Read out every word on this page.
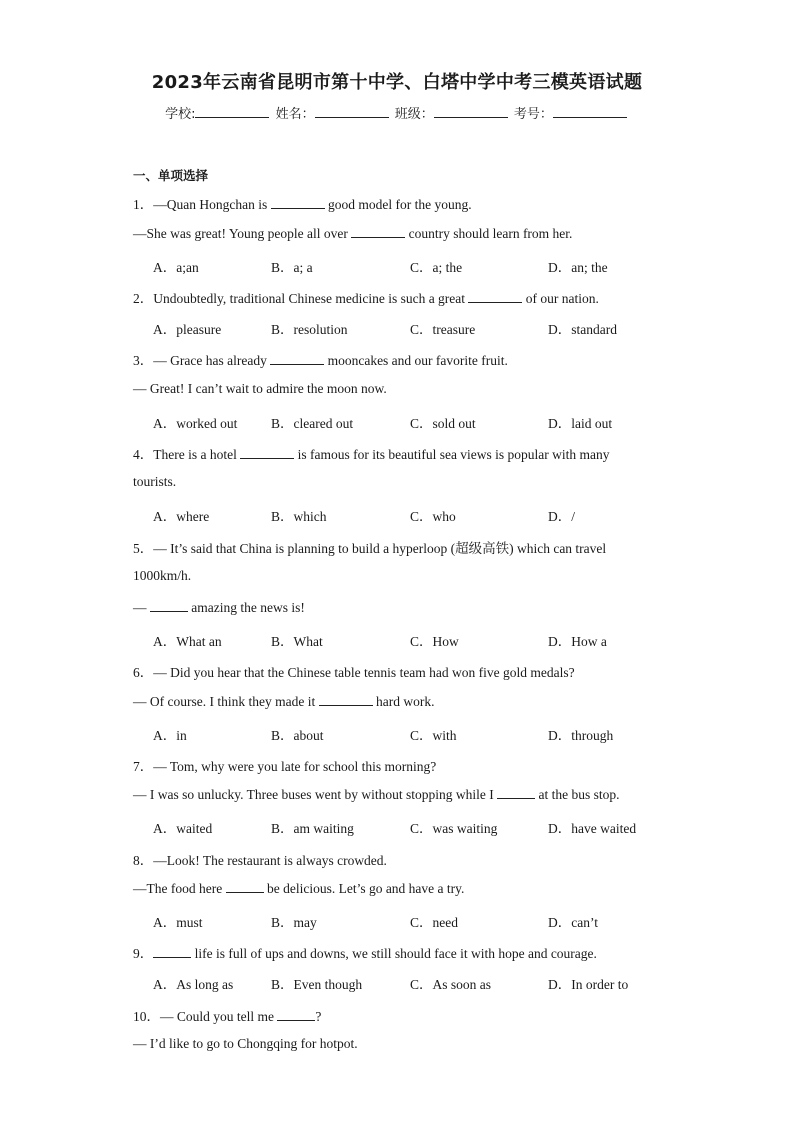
2023年云南省昆明市第十中学、白塔中学中考三模英语试题
学校:	姓名：	班级：	考号：
一、单项选择
1．—Quan Hongchan is	good model for the young.
—She was great! Young people all over	country should learn from her.
A．a;an	B．a; a	C．a; the	D．an; the
2．Undoubtedly, traditional Chinese medicine is such a great	of our nation.
A．pleasure	B．resolution	C．treasure	D．standard
3．— Grace has already	mooncakes and our favorite fruit.
— Great! I can’t wait to admire the moon now.
A．worked out B．cleared out	C．sold out	D．laid out
4．There is a hotel	is famous for its beautiful sea views is popular with many
tourists.
A．where	B．which	C．who	D．/
5．— It’s said that China is planning to build a hyperloop (超级高铁) which can travel
1000km/h.
—	amazing the news is!
A．What an	B．What	C．How	D．How a
6．— Did you hear that the Chinese table tennis team had won five gold medals?
— Of course. I think they made it	hard work.
A．in	B．about	C．with	D．through
7．— Tom, why were you late for school this morning?
— I was so unlucky. Three buses went by without stopping while I	at the bus stop.
A．waited	B．am waiting	C．was waiting	D．have waited
8．—Look! The restaurant is always crowded.
—The food here	be delicious. Let’s go and have a try.
A．must	B．may	C．need	D．can’t
9．	life is full of ups and downs, we still should face it with hope and courage.
A．As long as	B．Even though	C．As soon as	D．In order to
10．— Could you tell me	?
— I’d like to go to Chongqing for hotpot.
